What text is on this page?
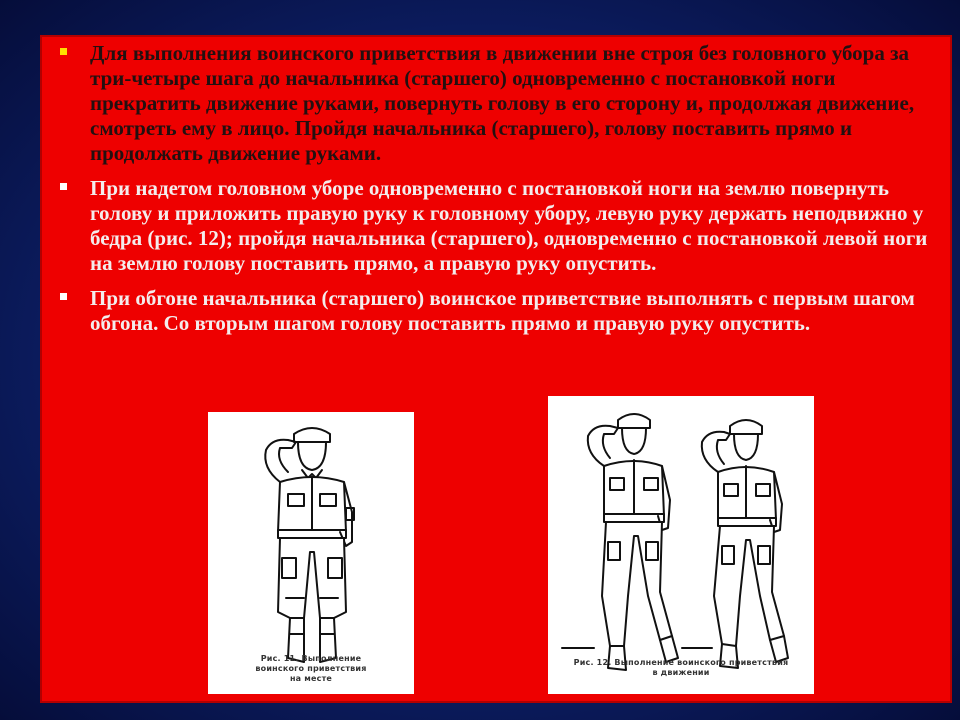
Для выполнения воинского приветствия в движении вне строя без головного убора за три-четыре шага до начальника (старшего) одновременно с постановкой ноги прекратить движение руками, повернуть голову в его сторону и, продолжая движение, смотреть ему в лицо. Пройдя начальника (старшего), голову поставить прямо и продолжать движение руками.
При надетом головном уборе одновременно с постановкой ноги на землю повернуть голову и приложить правую руку к головному убору, левую руку держать неподвижно у бедра (рис. 12); пройдя начальника (старшего), одновременно с постановкой левой ноги на землю голову поставить прямо, а правую руку опустить.
При обгоне начальника (старшего) воинское приветствие выполнять с первым шагом обгона. Со вторым шагом голову поставить прямо и правую руку опустить.
Рис. 11. Выполнение
воинского приветствия
на месте
Рис. 12. Выполнение воинского приветствия
в движении
